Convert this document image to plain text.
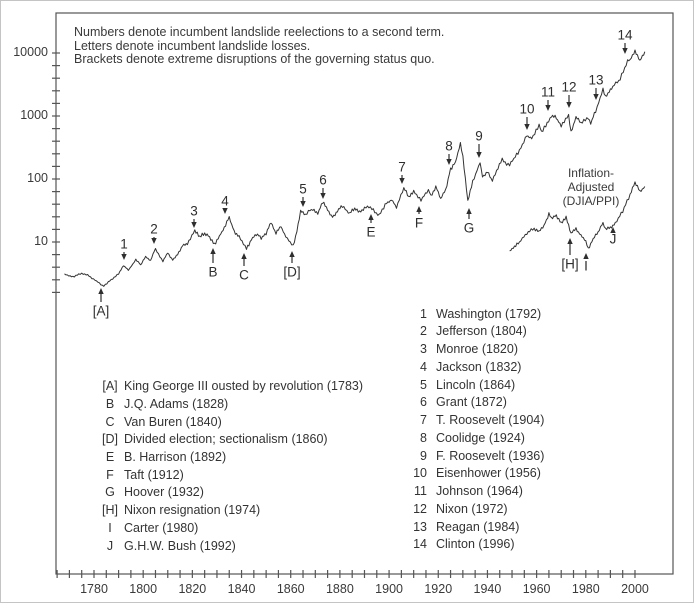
Numbers denote incumbent landslide reelections to a second term.
Letters denote incumbent landslide losses.
Brackets denote extreme disruptions of the governing status quo.
Inflation-
Adjusted
(DJIA/PPI)
[A] King George III ousted by revolution (1783)
B J.Q. Adams (1828)
C Van Buren (1840)
[D] Divided election; sectionalism (1860)
E B. Harrison (1892)
F Taft (1912)
G Hoover (1932)
[H] Nixon resignation (1974)
I Carter (1980)
J G.H.W. Bush (1992)
1 Washington (1792)
2 Jefferson (1804)
3 Monroe (1820)
4 Jackson (1832)
5 Lincoln (1864)
6 Grant (1872)
7 T. Roosevelt (1904)
8 Coolidge (1924)
9 F. Roosevelt (1936)
10 Eisenhower (1956)
11 Johnson (1964)
12 Nixon (1972)
13 Reagan (1984)
14 Clinton (1996)
10000
1000
100
10
1780	1800	1820	1840	1860	1880	1900	1920	1940	1960	1980	2000
[A]
1
2
3
4
B C	[D]
5
6
E
7
F
8
G
9
10
11 12 13
14
[H] I
J
